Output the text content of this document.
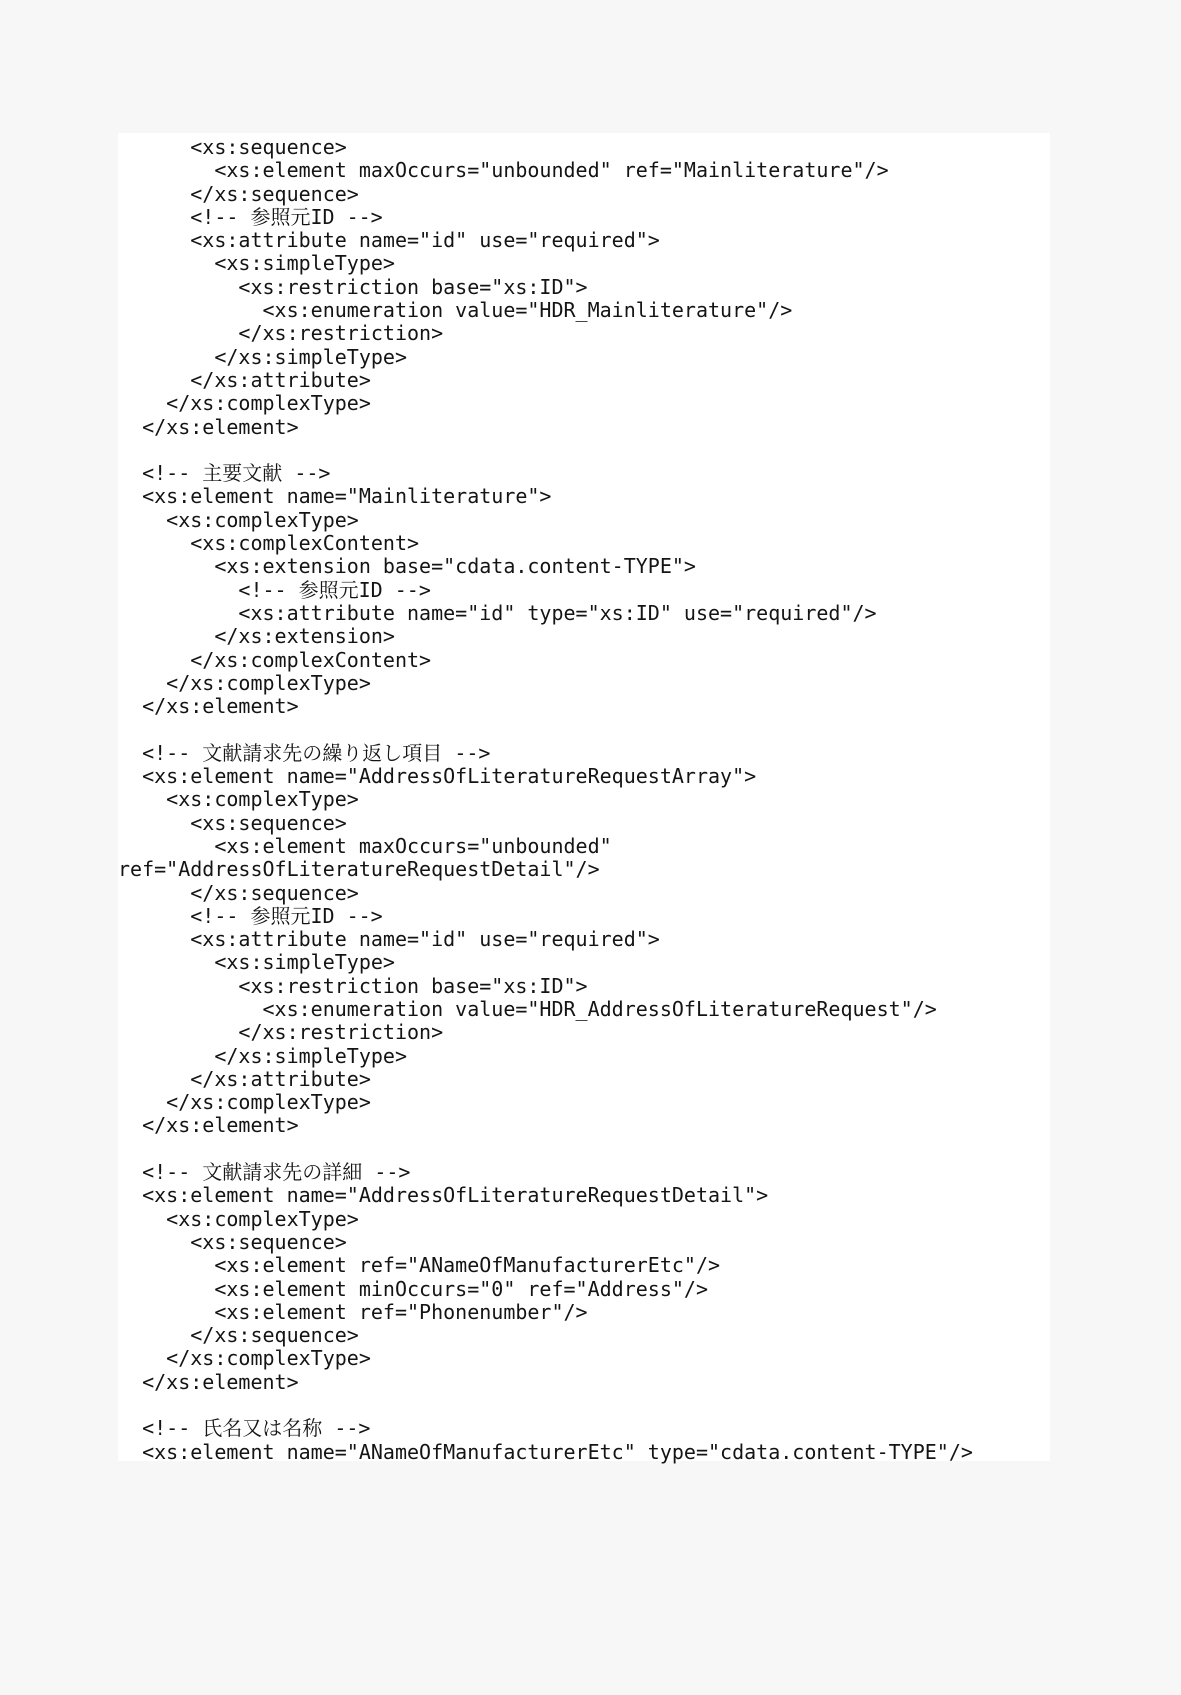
<xs:sequence>
<xs:element maxOccurs="unbounded" ref="Mainliterature"/>
</xs:sequence>
<!-- 参照元ID -->
<xs:attribute name="id" use="required">
<xs:simpleType>
<xs:restriction base="xs:ID">
<xs:enumeration value="HDR_Mainliterature"/>
</xs:restriction>
</xs:simpleType>
</xs:attribute>
</xs:complexType>
</xs:element>
<!-- 主要文献 -->
<xs:element name="Mainliterature">
<xs:complexType>
<xs:complexContent>
<xs:extension base="cdata.content-TYPE">
<!-- 参照元ID -->
<xs:attribute name="id" type="xs:ID" use="required"/>
</xs:extension>
</xs:complexContent>
</xs:complexType>
</xs:element>
<!-- 文献請求先の繰り返し項目 -->
<xs:element name="AddressOfLiteratureRequestArray">
<xs:complexType>
<xs:sequence>
<xs:element maxOccurs="unbounded"
ref="AddressOfLiteratureRequestDetail"/>
</xs:sequence>
<!-- 参照元ID -->
<xs:attribute name="id" use="required">
<xs:simpleType>
<xs:restriction base="xs:ID">
<xs:enumeration value="HDR_AddressOfLiteratureRequest"/>
</xs:restriction>
</xs:simpleType>
</xs:attribute>
</xs:complexType>
</xs:element>
<!-- 文献請求先の詳細 -->
<xs:element name="AddressOfLiteratureRequestDetail">
<xs:complexType>
<xs:sequence>
<xs:element ref="ANameOfManufacturerEtc"/>
<xs:element minOccurs="0" ref="Address"/>
<xs:element ref="Phonenumber"/>
</xs:sequence>
</xs:complexType>
</xs:element>
<!-- 氏名又は名称 -->
<xs:element name="ANameOfManufacturerEtc" type="cdata.content-TYPE"/>
